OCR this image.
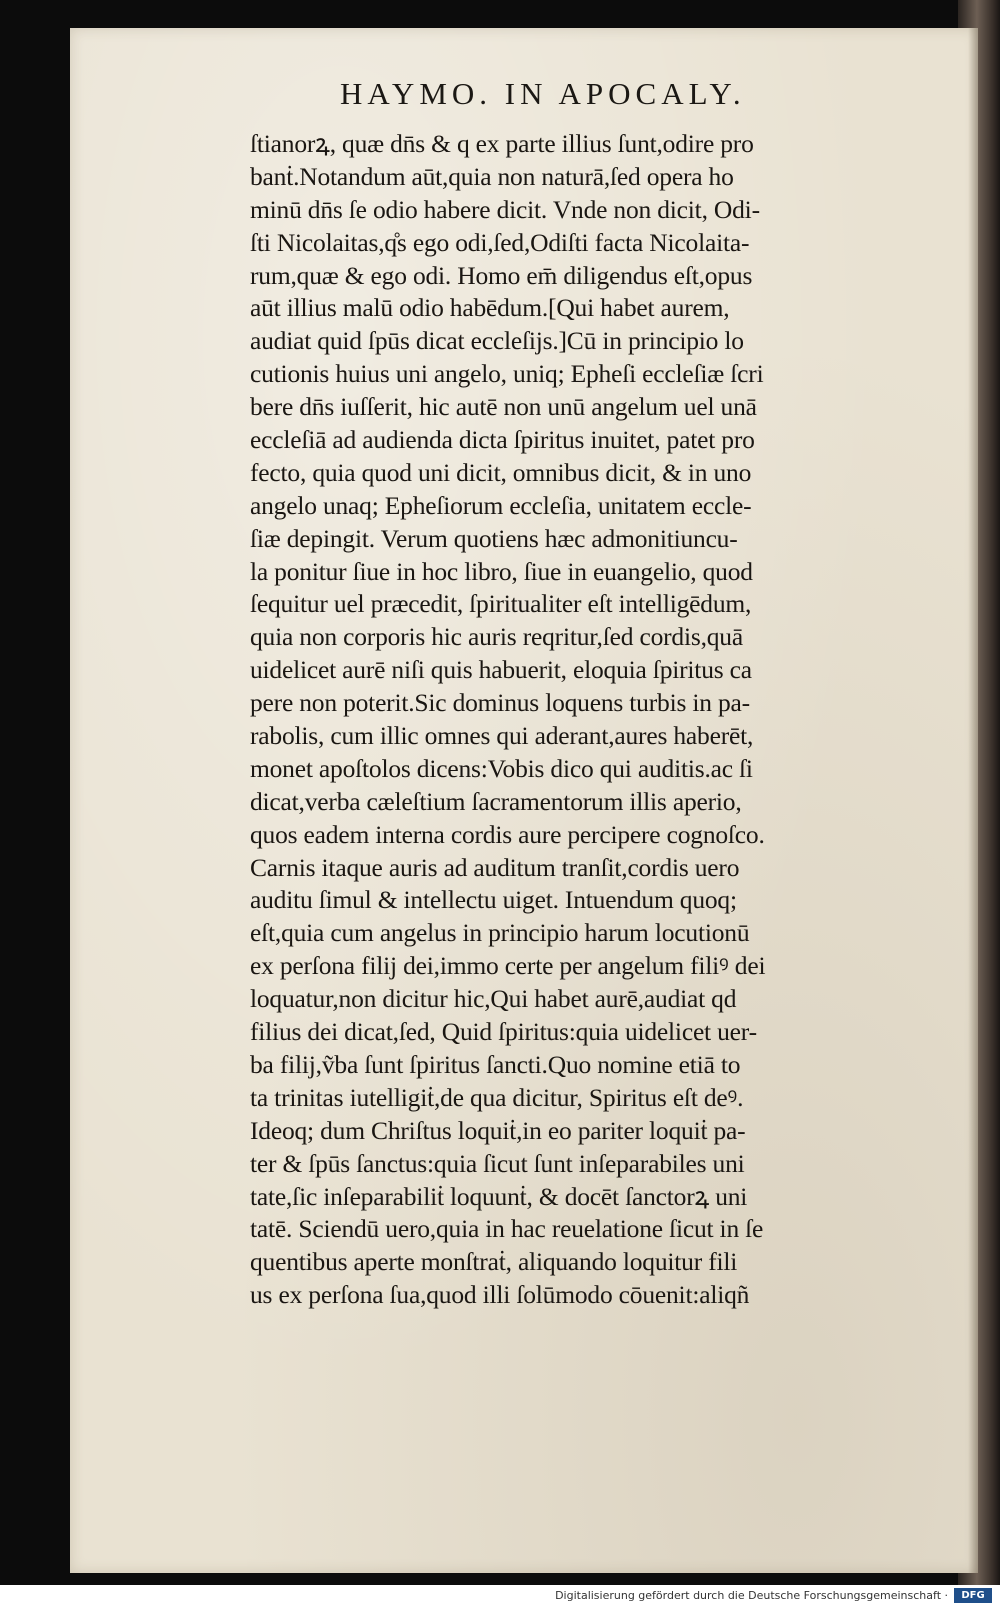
HAYMO. IN APOCALY.
ſtianorꝝ, quæ dn̄s & q ex parte illius ſunt,odire pro
banṫ.Notandum aūt,quia non naturā,ſed opera ho
minū dn̄s ſe odio habere dicit. Vnde non dicit, Odi-
ſti Nicolaitas,q̊s ego odi,ſed,Odiſti facta Nicolaita-
rum,quæ & ego odi. Homo em̄ diligendus eſt,opus
aūt illius malū odio habēdum.[Qui habet aurem,
audiat quid ſpūs dicat eccleſijs.]Cū in principio lo
cutionis huius uni angelo, uniq; Epheſi eccleſiæ ſcri
bere dn̄s iuſſerit, hic autē non unū angelum uel unā
eccleſiā ad audienda dicta ſpiritus inuitet, patet pro
fecto, quia quod uni dicit, omnibus dicit, & in uno
angelo unaq; Epheſiorum eccleſia, unitatem eccle-
ſiæ depingit. Verum quotiens hæc admonitiuncu-
la ponitur ſiue in hoc libro, ſiue in euangelio, quod
ſequitur uel præcedit, ſpiritualiter eſt intelligēdum,
quia non corporis hic auris reqritur,ſed cordis,quā
uidelicet aurē niſi quis habuerit, eloquia ſpiritus ca
pere non poterit.Sic dominus loquens turbis in pa-
rabolis, cum illic omnes qui aderant,aures haberēt,
monet apoſtolos dicens:Vobis dico qui auditis.ac ſi
dicat,verba cæleſtium ſacramentorum illis aperio,
quos eadem interna cordis aure percipere cognoſco.
Carnis itaque auris ad auditum tranſit,cordis uero
auditu ſimul & intellectu uiget. Intuendum quoq;
eſt,quia cum angelus in principio harum locutionū
ex perſona filij dei,immo certe per angelum filiꝰ dei
loquatur,non dicitur hic,Qui habet aurē,audiat qd
filius dei dicat,ſed, Quid ſpiritus:quia uidelicet uer-
ba filij,ṽba ſunt ſpiritus ſancti.Quo nomine etiā to
ta trinitas iutelligiṫ,de qua dicitur, Spiritus eſt deꝰ.
Ideoq; dum Chriſtus loquiṫ,in eo pariter loquiṫ pa-
ter & ſpūs ſanctus:quia ſicut ſunt inſeparabiles uni
tate,ſic inſeparabiliṫ loquunṫ, & docēt ſanctorꝝ uni
tatē. Sciendū uero,quia in hac reuelatione ſicut in ſe
quentibus aperte monſtraṫ, aliquando loquitur fili
us ex perſona ſua,quod illi ſolūmodo cōuenit:aliqñ
Digitalisierung gefördert durch die Deutsche Forschungsgemeinschaft ·	DFG
